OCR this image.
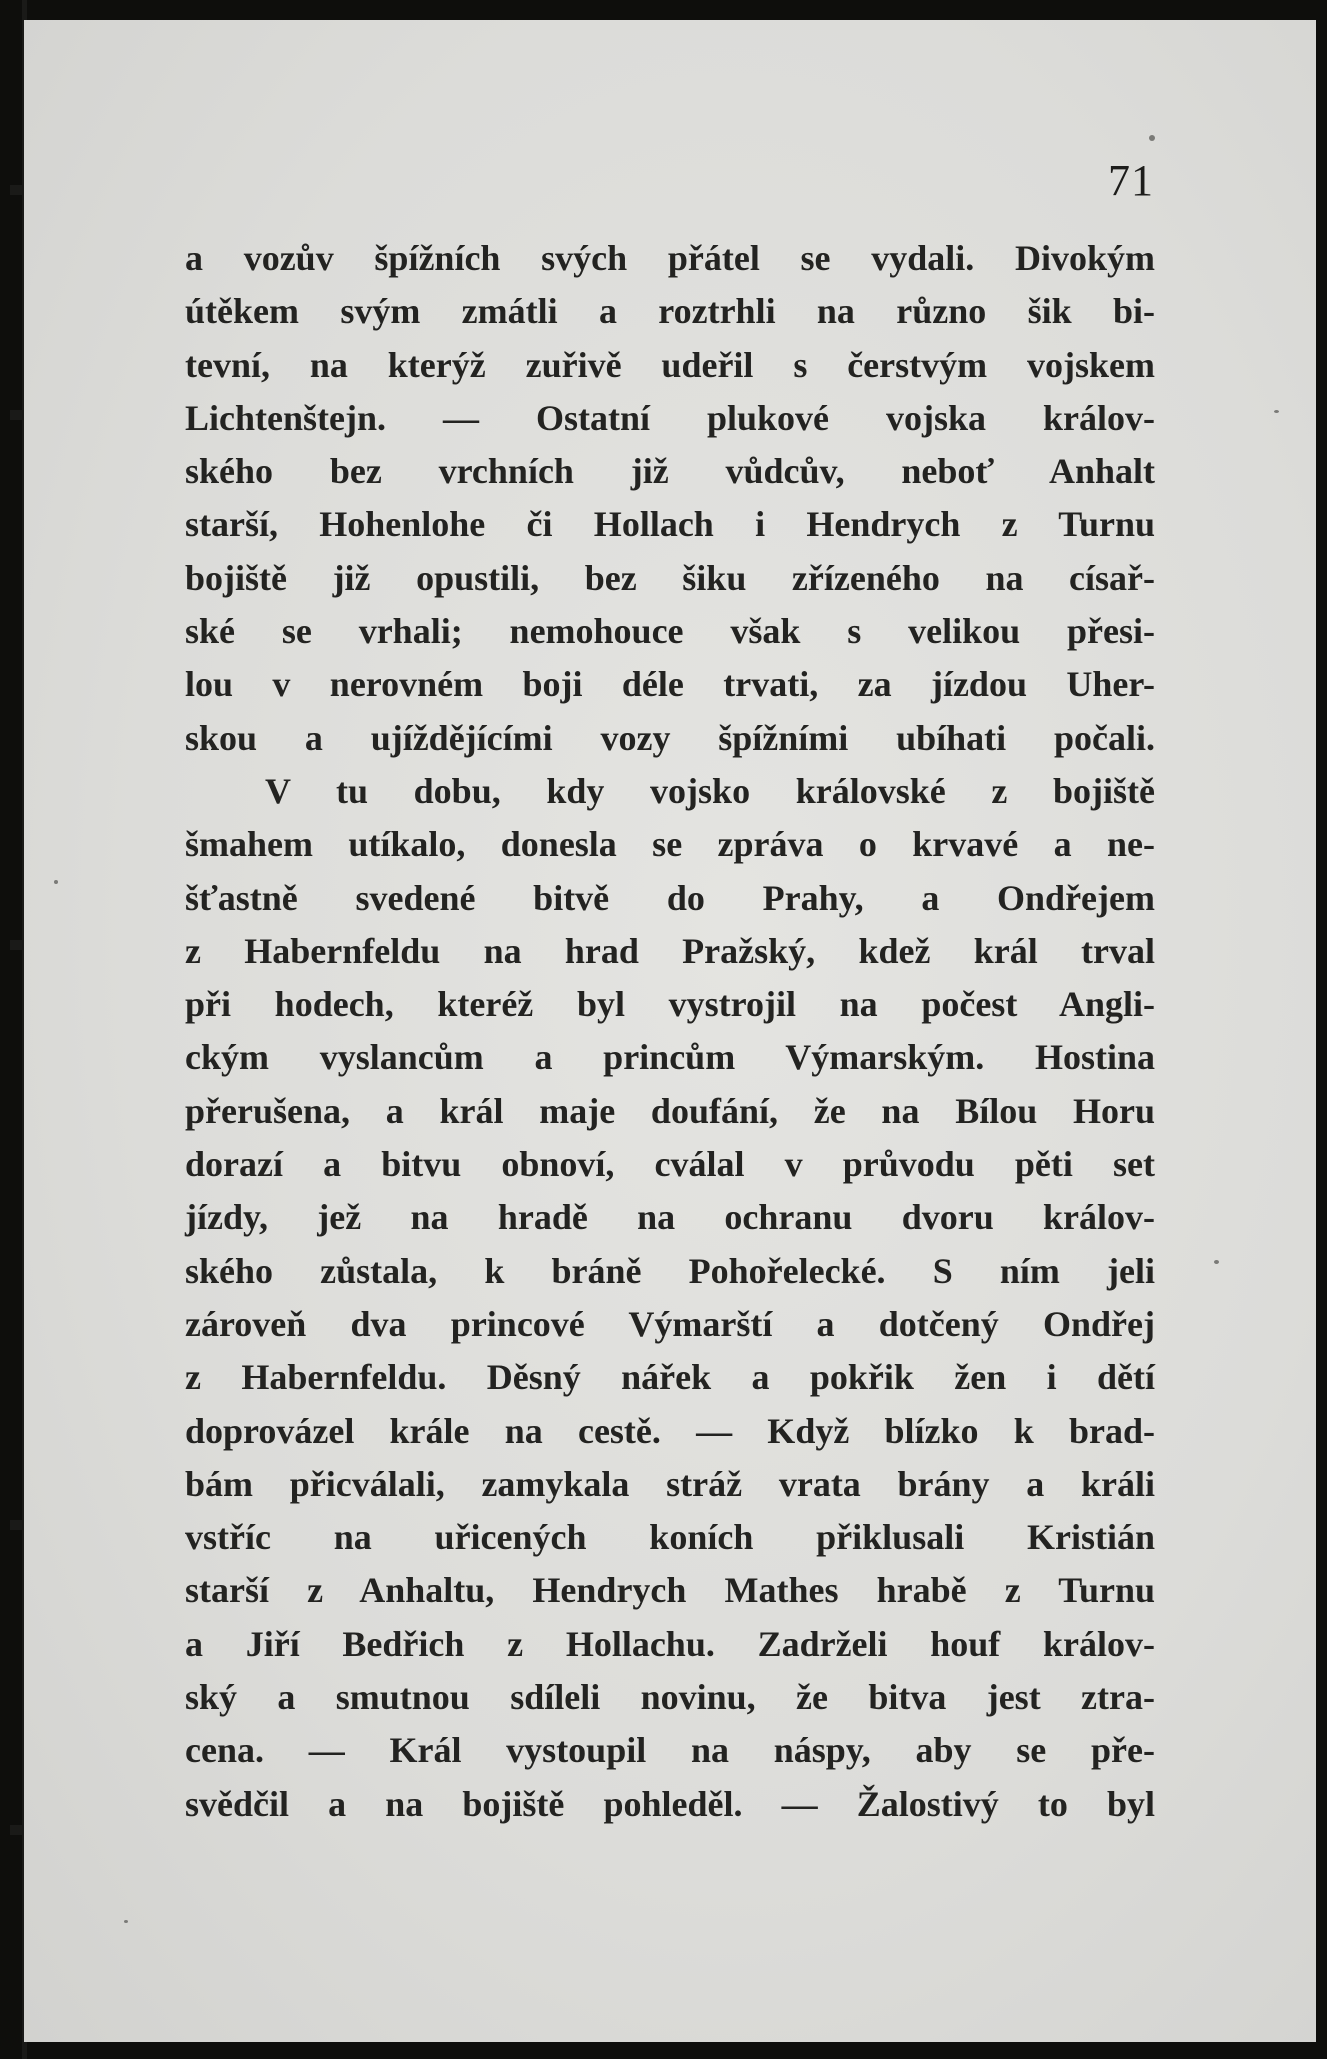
71
a vozův špížních svých přátel se vydali. Divokým
útěkem svým zmátli a roztrhli na různo šik bi-
tevní, na kterýž zuřivě udeřil s čerstvým vojskem
Lichtenštejn. — Ostatní plukové vojska králov-
ského bez vrchních již vůdcův, neboť Anhalt
starší, Hohenlohe či Hollach i Hendrych z Turnu
bojiště již opustili, bez šiku zřízeného na císař-
ské se vrhali; nemohouce však s velikou přesi-
lou v nerovném boji déle trvati, za jízdou Uher-
skou a ujíždějícími vozy špížními ubíhati počali.
V tu dobu, kdy vojsko královské z bojiště
šmahem utíkalo, donesla se zpráva o krvavé a ne-
šťastně svedené bitvě do Prahy, a Ondřejem
z Habernfeldu na hrad Pražský, kdež král trval
při hodech, kteréž byl vystrojil na počest Angli-
ckým vyslancům a princům Výmarským. Hostina
přerušena, a král maje doufání, že na Bílou Horu
dorazí a bitvu obnoví, cválal v průvodu pěti set
jízdy, jež na hradě na ochranu dvoru králov-
ského zůstala, k bráně Pohořelecké. S ním jeli
zároveň dva princové Výmarští a dotčený Ondřej
z Habernfeldu. Děsný nářek a pokřik žen i dětí
doprovázel krále na cestě. — Když blízko k brad-
bám přicválali, zamykala stráž vrata brány a králi
vstříc na uřicených koních přiklusali Kristián
starší z Anhaltu, Hendrych Mathes hrabě z Turnu
a Jiří Bedřich z Hollachu. Zadrželi houf králov-
ský a smutnou sdíleli novinu, že bitva jest ztra-
cena. — Král vystoupil na náspy, aby se pře-
svědčil a na bojiště pohleděl. — Žalostivý to byl
